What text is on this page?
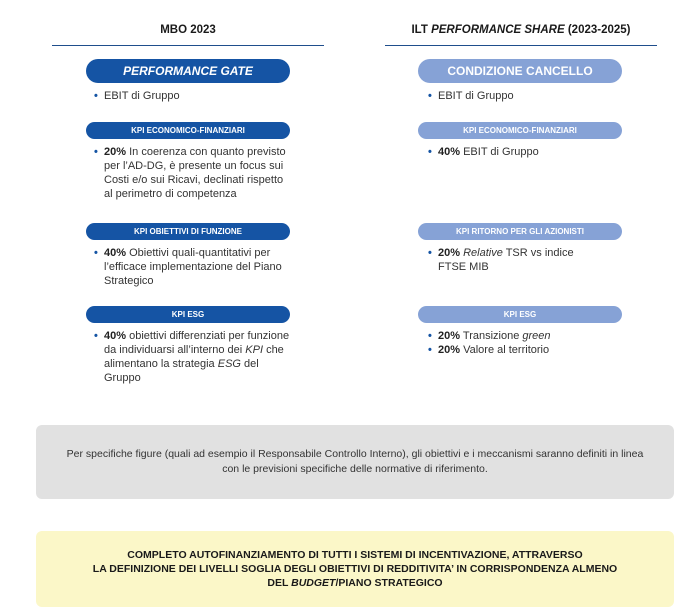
MBO 2023	ILT PERFORMANCE SHARE (2023-2025)
PERFORMANCE GATE
• EBIT di Gruppo
KPI ECONOMICO-FINANZIARI
• 20% In coerenza con quanto previsto per l’AD-DG, è presente un focus sui Costi e/o sui Ricavi, declinati rispetto al perimetro di competenza
KPI OBIETTIVI DI FUNZIONE
• 40% Obiettivi quali-quantitativi per l’efficace implementazione del Piano Strategico
KPI ESG
• 40% obiettivi differenziati per funzione da individuarsi all’interno dei KPI che alimentano la strategia ESG del Gruppo
CONDIZIONE CANCELLO
• EBIT di Gruppo
KPI ECONOMICO-FINANZIARI
• 40% EBIT di Gruppo
KPI RITORNO PER GLI AZIONISTI
• 20% Relative TSR vs indice FTSE MIB
KPI ESG
• 20% Transizione green
• 20% Valore al territorio
Per specifiche figure (quali ad esempio il Responsabile Controllo Interno), gli obiettivi e i meccanismi saranno definiti in linea con le previsioni specifiche delle normative di riferimento.
COMPLETO AUTOFINANZIAMENTO DI TUTTI I SISTEMI DI INCENTIVAZIONE, ATTRAVERSO
LA DEFINIZIONE DEI LIVELLI SOGLIA DEGLI OBIETTIVI DI REDDITIVITA’ IN CORRISPONDENZA ALMENO
DEL BUDGET/PIANO STRATEGICO
